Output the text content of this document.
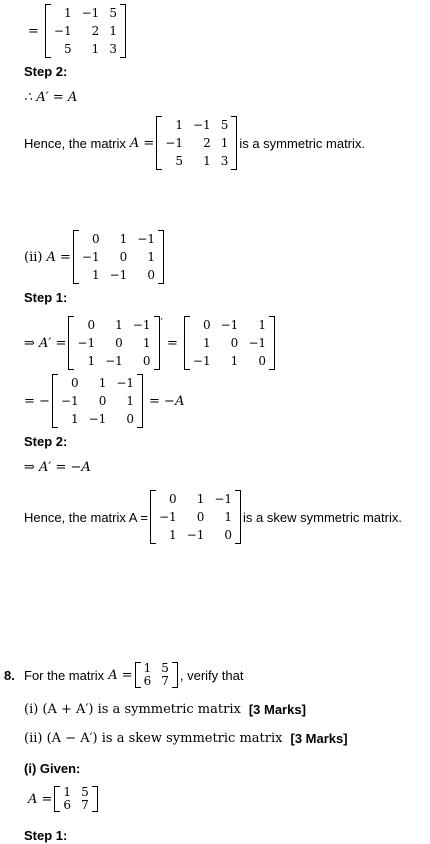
=
1 −1 5
−1	2 1
5	1 3
Step 2:
∴ A′ = A
Hence, the matrix A =
1 −1 5
−1	2 1
5	1 3
is a symmetric matrix.
(ii) A =
0	1 −1
−1	0	1
1 −1	0
Step 1:
⇒ A′ =
0	1 −1
−1	0	1
1 −1	0
′
=
0 −1	1
1	0 −1
−1	1	0
= −
0	1 −1
−1	0	1
1 −1	0
= −A
Step 2:
⇒ A′ = −A
Hence, the matrix A =
0	1 −1
−1	0	1
1 −1	0
is a skew symmetric matrix.
8. For the matrix A = 1 5
6 7 , verify that
(i) (A + A′) is a symmetric matrix [3 Marks]
(ii) (A − A′) is a skew symmetric matrix [3 Marks]
(i) Given:
A = 1 5
6 7
Step 1:
